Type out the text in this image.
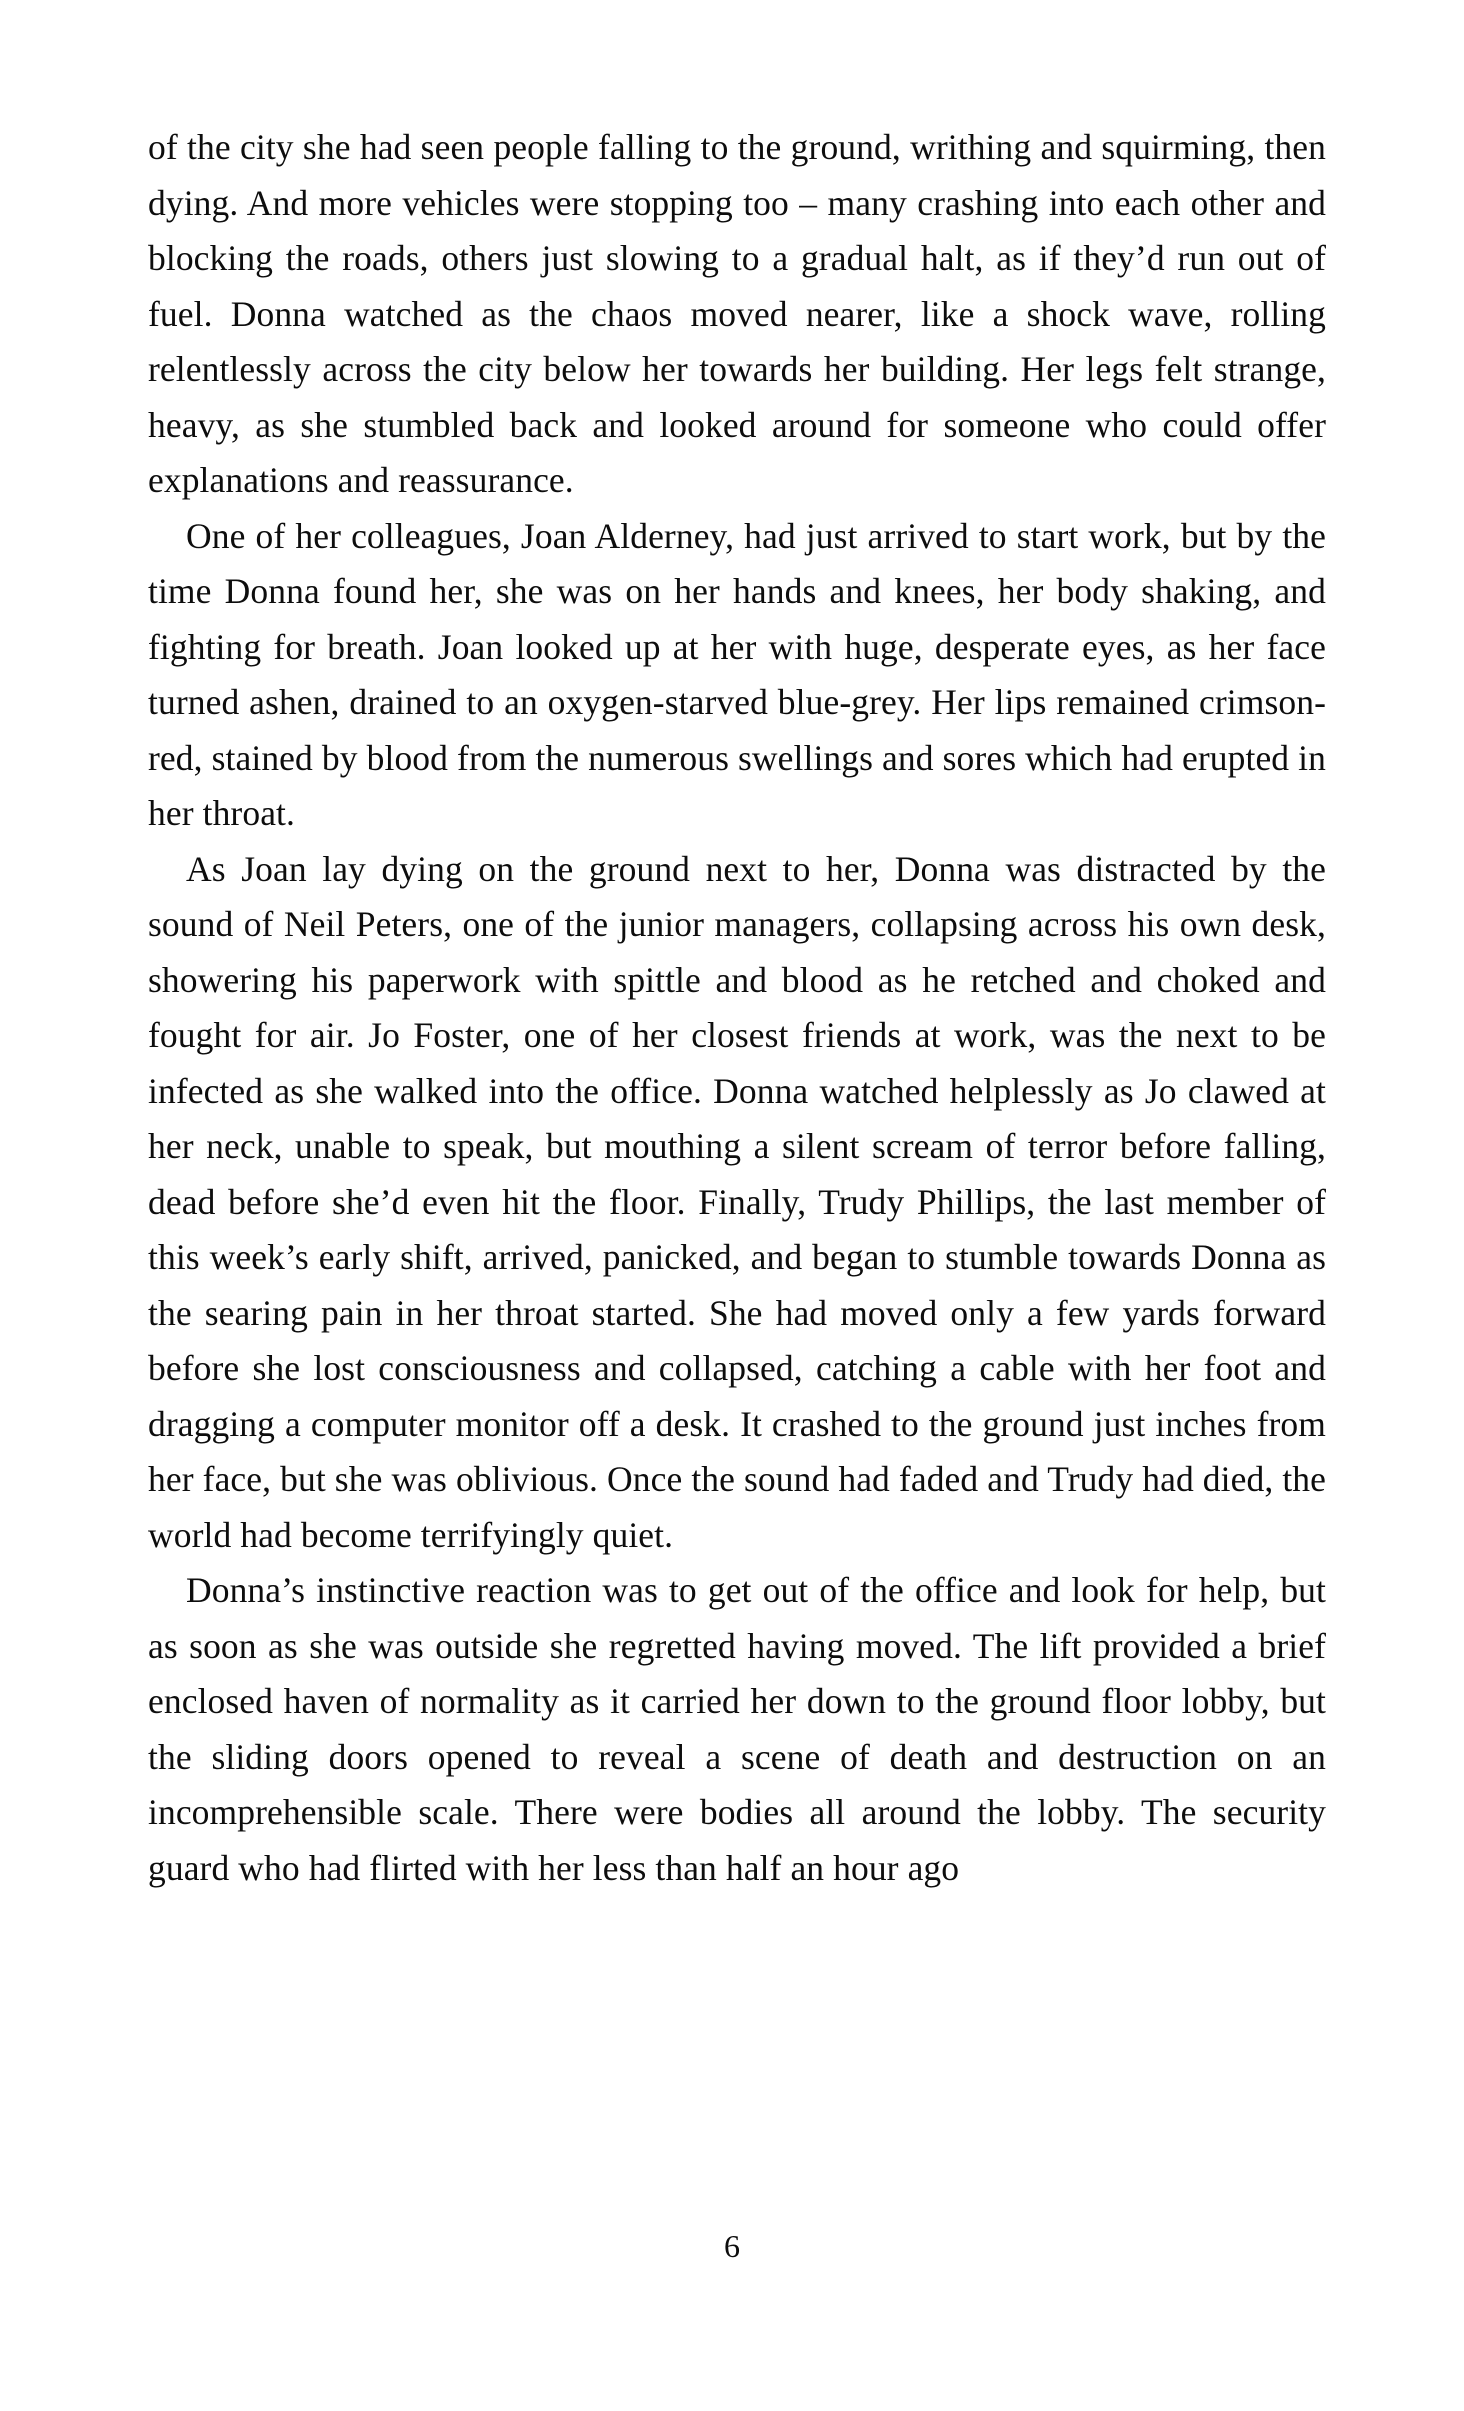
of the city she had seen people falling to the ground, writhing and squirming, then dying. And more vehicles were stopping too – many crashing into each other and blocking the roads, others just slowing to a gradual halt, as if they’d run out of fuel. Donna watched as the chaos moved nearer, like a shock wave, rolling relentlessly across the city below her towards her building. Her legs felt strange, heavy, as she stumbled back and looked around for someone who could offer explanations and reassurance.

One of her colleagues, Joan Alderney, had just arrived to start work, but by the time Donna found her, she was on her hands and knees, her body shaking, and fighting for breath. Joan looked up at her with huge, desperate eyes, as her face turned ashen, drained to an oxygen-starved blue-grey. Her lips remained crimson-red, stained by blood from the numerous swellings and sores which had erupted in her throat.

As Joan lay dying on the ground next to her, Donna was distracted by the sound of Neil Peters, one of the junior managers, collapsing across his own desk, showering his paperwork with spittle and blood as he retched and choked and fought for air. Jo Foster, one of her closest friends at work, was the next to be infected as she walked into the office. Donna watched helplessly as Jo clawed at her neck, unable to speak, but mouthing a silent scream of terror before falling, dead before she’d even hit the floor. Finally, Trudy Phillips, the last member of this week’s early shift, arrived, panicked, and began to stumble towards Donna as the searing pain in her throat started. She had moved only a few yards forward before she lost consciousness and collapsed, catching a cable with her foot and dragging a computer monitor off a desk. It crashed to the ground just inches from her face, but she was oblivious. Once the sound had faded and Trudy had died, the world had become terrifyingly quiet.

Donna’s instinctive reaction was to get out of the office and look for help, but as soon as she was outside she regretted having moved. The lift provided a brief enclosed haven of normality as it carried her down to the ground floor lobby, but the sliding doors opened to reveal a scene of death and destruction on an incomprehensible scale. There were bodies all around the lobby. The security guard who had flirted with her less than half an hour ago

6
